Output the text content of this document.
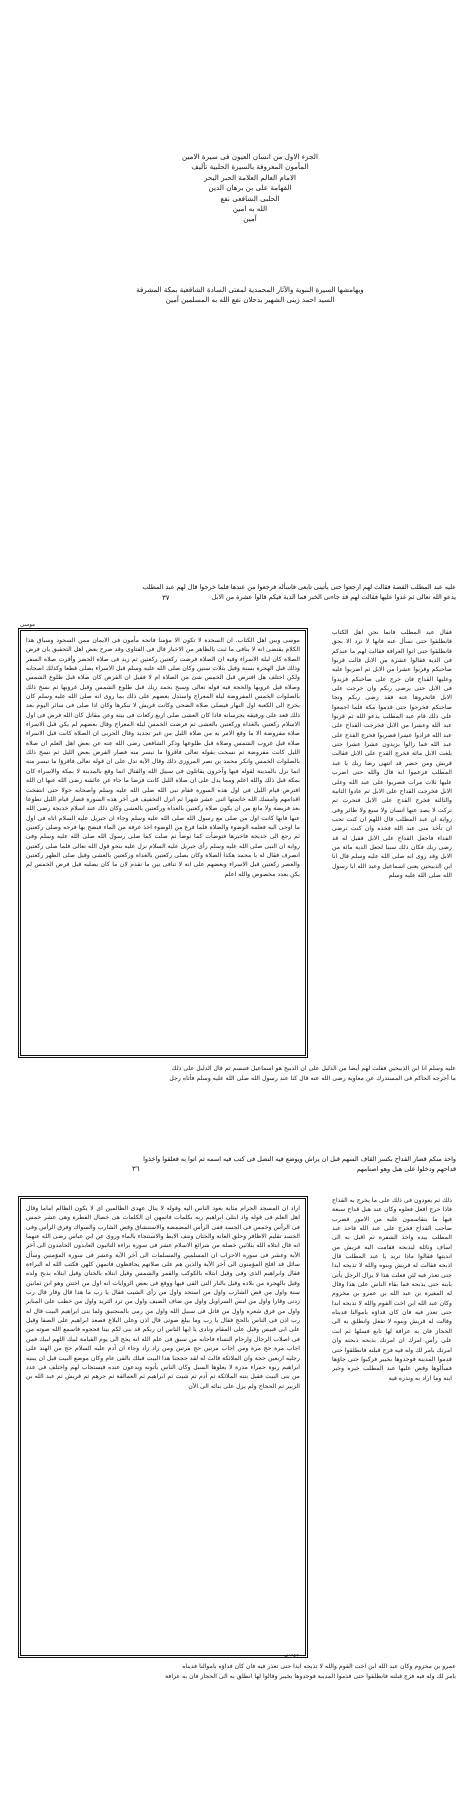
الجزء الاول من انسان العيون فى سيرة الامين
المأمون المعروفة بالسيرة الحلبية تأليف
الامام العالم العلامة الحبر البحر
الفهامة على بن برهان الدين
الحلبى الشافعى نفع
الله به امين
آمين
وبهامشها السيرة النبوية والآثار المحمدية لمفتى السادة الشافعية بمكة المشرفة
السيد احمد زينى الشهير بدحلان نفع الله به المسلمين آمين
عليه عبد المطلب القصة فقالت لهم ارجعوا حتى يأتينى تابعى فاسأله فرجعوا من عندها فلما خرجوا قال لهم عبد المطلب
يدعو الله تعالى ثم غدوا عليها فقالت لهم قد جاءنى الخبر فما الدية فيكم قالوا عشرة من الابل
٣٧
موسى وبين اهل الكتاب. ان السجدة لا تكون الا مؤمنا فاتحه مأمون فى الايمان ممن السجود وسياق هذا الكلام يقتضى انه لا ينافى ما ثبت بالظاهر من الاخبار قال فى الفتاوى وقد صرح بعض اهل التحقيق بان فرض الصلاة كان ليلة الاسراء وفيه ان الصلاة فرضت ركعتين ركعتين ثم زيد فى صلاة الحضر وأقرت صلاة السفر وذلك قبل الهجرة بسنة وقيل بثلاث سنين وكان صلى الله عليه وسلم قبل الاسراء يصلى قطعا وكذلك اصحابه ولكن اختلف هل افترض قبل الخمس شئ من الصلاة ام لا فقيل ان الفرض كان صلاة قبل طلوع الشمس وصلاة قبل غروبها والحجة فيه قوله تعالى وسبح بحمد ربك قبل طلوع الشمس وقبل غروبها ثم نسخ ذلك بالصلوات الخمس المفروضة ليلة المعراج واستدل بعضهم على ذلك بما روى انه صلى الله عليه وسلم كان يخرج الى الكعبة اول النهار فيصلى صلاة الضحى وكانت قريش لا تنكرها وكان اذا صلى فى سائر اليوم بعد ذلك قعد على ورفيقه يحرسانه فاذا كان العشى صلى اربع ركعات فى بيته وعن مقاتل كان الله فرض فى اول الاسلام ركعتين بالغداة وركعتين بالعشى ثم فرضت الخمس ليلة المعراج وقال بعضهم لم يكن قبل الاسراء صلاة مفروضة الا ما وقع الامر به من صلاة الليل من غير تحديد وقال الحربى ان الصلاة كانت قبل الاسراء صلاة قبل غروب الشمس وصلاة قبل طلوعها وذكر الشافعى رضى الله عنه عن بعض اهل العلم ان صلاة الليل كانت مفروضة ثم نسخت بقوله تعالى فاقرؤا ما تيسر منه فصار الفرض بعض الليل ثم نسخ ذلك بالصلوات الخمس وانكر محمد بن نصر المروزى ذلك وقال الآية تدل على ان قوله تعالى فاقرؤا ما تيسر منه انما نزل بالمدينة لقوله فيها وآخرون يقاتلون فى سبيل الله والقتال انما وقع بالمدينة لا بمكة والاسراء كان بمكة قبل ذلك والله اعلم ومما يدل على ان صلاة الليل كانت فرضا ما جاء عن عائشة رضى الله عنها ان الله افترض قيام الليل فى اول هذه السورة فقام نبى الله صلى الله عليه وسلم واصحابه حولا حتى انتفخت اقدامهم وامسك الله خاتمتها اثنى عشر شهرا ثم انزل التخفيف فى آخر هذه السورة فصار قيام الليل تطوعا بعد فريضة ولا مانع من ان يكون صلاة ركعتين بالغداة وركعتين بالعشى وكان ذلك عند اسلام خديجة رضى الله عنها فانها كانت اول من صلى مع رسول الله صلى الله عليه وسلم وجاء ان جبريل عليه السلام اتاه فى اول ما اوحى اليه فعلمه الوضوء والصلاة فلما فرغ من الوضوء اخذ غرفة من الماء فنضح بها فرجه وصلى ركعتين ثم رجع الى خديجة فاخبرها فتوضأت كما توضأ ثم صلت كما صلى رسول الله صلى الله عليه وسلم وفى رواية ان النبى صلى الله عليه وسلم رأى جبريل عليه السلام نزل عليه بنحو قول الله تعالى فلما صلى ركعتين انصرف فقال له يا محمد هكذا الصلاة وكان يصلى ركعتين بالغداة وركعتين بالعشى وقيل صلى الظهر ركعتين والعصر ركعتين قبل الاسراء وبعضهم على انه لا تنافى بين ما تقدم لان ما كان يصليه قبل فرض الخمس لم يكن بعدد مخصوص والله اعلم
فقال عبد المطلب فانما نحن اهل الكتاب فانطلقوا حتى نسأل عنه فانها لا ترد الا بحق فانطلقوا حتى اتوا العرافة فقالت لهم ما عندكم فى الدية فقالوا عشرة من الابل قالت قربوا صاحبكم وقربوا عشرا من الابل ثم اضربوا عليه وعليها القداح فان خرج على صاحبكم فزيدوا فى الابل حتى يرضى ربكم وان خرجت على الابل فانحروها عنه فقد رضى ربكم ونجا صاحبكم فخرجوا حتى قدموا مكة فلما اجمعوا على ذلك قام عبد المطلب يدعو الله ثم قربوا عبد الله وعشرا من الابل فخرجت القداح على عبد الله فزادوا عشرا فضربوا فخرج القدح على عبد الله فما زالوا يزيدون عشرا عشرا حتى بلغت الابل مائة فخرج القدح على الابل فقالت قريش ومن حضر قد انتهى رضا ربك يا عبد المطلب فزعموا انه قال والله حتى اضرب عليها ثلاث مرات فضربوا على عبد الله وعلى الابل فخرجت القداح على الابل ثم عادوا الثانية والثالثة فخرج القدح على الابل فنحرت ثم تركت لا يصد عنها انسان ولا سبع ولا طائر وفى رواية ان عبد المطلب قال اللهم ان كنت تحب ان تأخذ منى عبد الله فخذه وان كنت ترضى الفداء فاجعل القداح على الابل فقيل له قد رضى ربك فكان ذلك سببا لجعل الدية مائة من الابل وقد روى انه صلى الله عليه وسلم قال انا ابن الذبيحين يعنى اسماعيل وعبد الله ابا رسول الله صلى الله عليه وسلم
عليه وسلم انا ابن الذبيحين فقلت لهم أيضا من الدليل على ان الذبيح هو اسماعيل فتبسم ثم قال الدليل على ذلك
ما أخرجه الحاكم فى المستدرك عن معاوية رضى الله عنه قال كنا عند رسول الله صلى الله عليه وسلم فأتاه رجل
موسى
واحد منكم قصار القداح بكسر القاف السهم قبل ان يراش ويوضع فيه النصل فى كتب فيه اسمه ثم اتوا به فعلقوا واخذوا
قداحهم ودخلوا على هبل وهو اصنامهم
٣٦
اراد ان المسجد الحرام مثابة يعود الناس اليه وقوله لا ينال عهدى الظالمين اى لا يكون الظالم اماما وقال اهل العلم فى قوله واذ ابتلى ابراهيم ربه بكلمات فاتمهن ان الكلمات هى خصال الفطرة وهى عشر خمس فى الرأس وخمس فى الجسد ففى الرأس المضمضة والاستنشاق وقص الشارب والسواك وفرق الرأس وفى الجسد تقليم الاظافر وحلق العانة والختان ونتف الابط والاستنجاء بالماء وروى عن ابن عباس رضى الله عنهما انه قال ابتلاه الله بثلاثين خصلة من شرائع الاسلام عشر فى سورة براءة التائبون العابدون الحامدون الى آخر الآية وعشر فى سورة الاحزاب ان المسلمين والمسلمات الى آخر الآية وعشر فى سورة المؤمنين وسأل سائل قد افلح المؤمنون الى آخر الآية والذين هم على صلاتهم يحافظون فاتمهن كلهن فكتب الله له البراءة فقال وابراهيم الذى وفى وقيل ابتلاه بالكوكب والقمر والشمس وقيل ابتلاه بالختان وقيل ابتلاه بذبح ولده وقيل بالهجرة من بلاده وقيل بالنار التى القى فيها ووقع فى بعض الروايات انه اول من اختتن وهو ابن ثمانين سنة واول من قص الشارب واول من استحد واول من رأى الشيب فقال يا رب ما هذا قال وقار قال رب زدنى وقارا واول من لبس السراويل واول من ضاف الضيف واول من ثرد الثريد واول من خطب على المنابر واول من فرق شعره واول من قاتل فى سبيل الله واول من رمى بالمنجنيق ولما بنى ابراهيم البيت قال له رب اذن فى الناس بالحج فقال يا رب وما يبلغ صوتى قال اذن وعلى البلاغ فصعد ابراهيم على الصفا وقيل على ابى قبيس وقيل على المقام ونادى يا ايها الناس ان ربكم قد بنى لكم بيتا فحجوه فاسمع الله صوته من فى اصلاب الرجال وارحام النساء فاجابه من سبق فى علم الله انه يحج الى يوم القيامة لبيك اللهم لبيك فمن اجاب مرة حج مرة ومن اجاب مرتين حج مرتين ومن زاد زاد وجاء ان آدم عليه السلام حج من الهند على رجليه اربعين حجة وان الملائكة قالت له لقد حججنا هذا البيت قبلك بالفى عام وكان موضع البيت قبل ان يبنيه ابراهيم ربوة حمراء مدرة لا يعلوها السيل وكان الناس يأتونه ويدعون عنده فيستجاب لهم واختلف فى عدد من بنى البيت فقيل بنته الملائكة ثم آدم ثم شيث ثم ابراهيم ثم العمالقة ثم جرهم ثم قريش ثم عبد الله بن الزبير ثم الحجاج ولم يزل على بنائه الى الآن
ذلك ثم يعودون فى ذلك على ما يخرج به القداح فاذا خرج افعل فعلوه وكان عند هبل قداح سبعة فيها ما يتقاسمون عليه من الامور فضرب صاحب القداح فخرج على عبد الله فاخذ عبد المطلب بيده واخذ الشفرة ثم اقبل به الى اساف ونائلة ليذبحه فقامت اليه قريش من انديتها فقالوا ماذا تريد يا عبد المطلب قال اذبحه فقالت له قريش وبنوه والله لا تذبحه ابدا حتى تعذر فيه لئن فعلت هذا لا يزال الرجل يأتى بابنه حتى يذبحه فما بقاء الناس على هذا وقال له المغيرة بن عبد الله بن عمرو بن مخزوم وكان عبد الله ابن اخت القوم والله لا تذبحه ابدا حتى تعذر فيه فان كان فداؤه باموالنا فديناه وقالت له قريش وبنوه لا تفعل وانطلق به الى الحجاز فان به عرافة لها تابع فسلها ثم انت على رأس امرك ان امرتك بذبحه ذبحته وان امرتك بامر لك وله فيه فرج قبلته فانطلقوا حتى قدموا المدينة فوجدوها بخيبر فركبوا حتى جاؤها فسألوها وقص عليها عبد المطلب خبره وخبر ابنه وما اراد به ونذره فيه
عمرو بن مخزوم وكان عبد الله ابن اخت القوم والله لا تذبحه ابدا حتى تعذر فيه فان كان فداؤه باموالنا فديناه
بامر لك وله فيه فرج قبلته فانطلقوا حتى قدموا المدينة فوجدوها بخيبر وقالوا لها انطلق به الى الحجاز فان به عرافة
موسى
